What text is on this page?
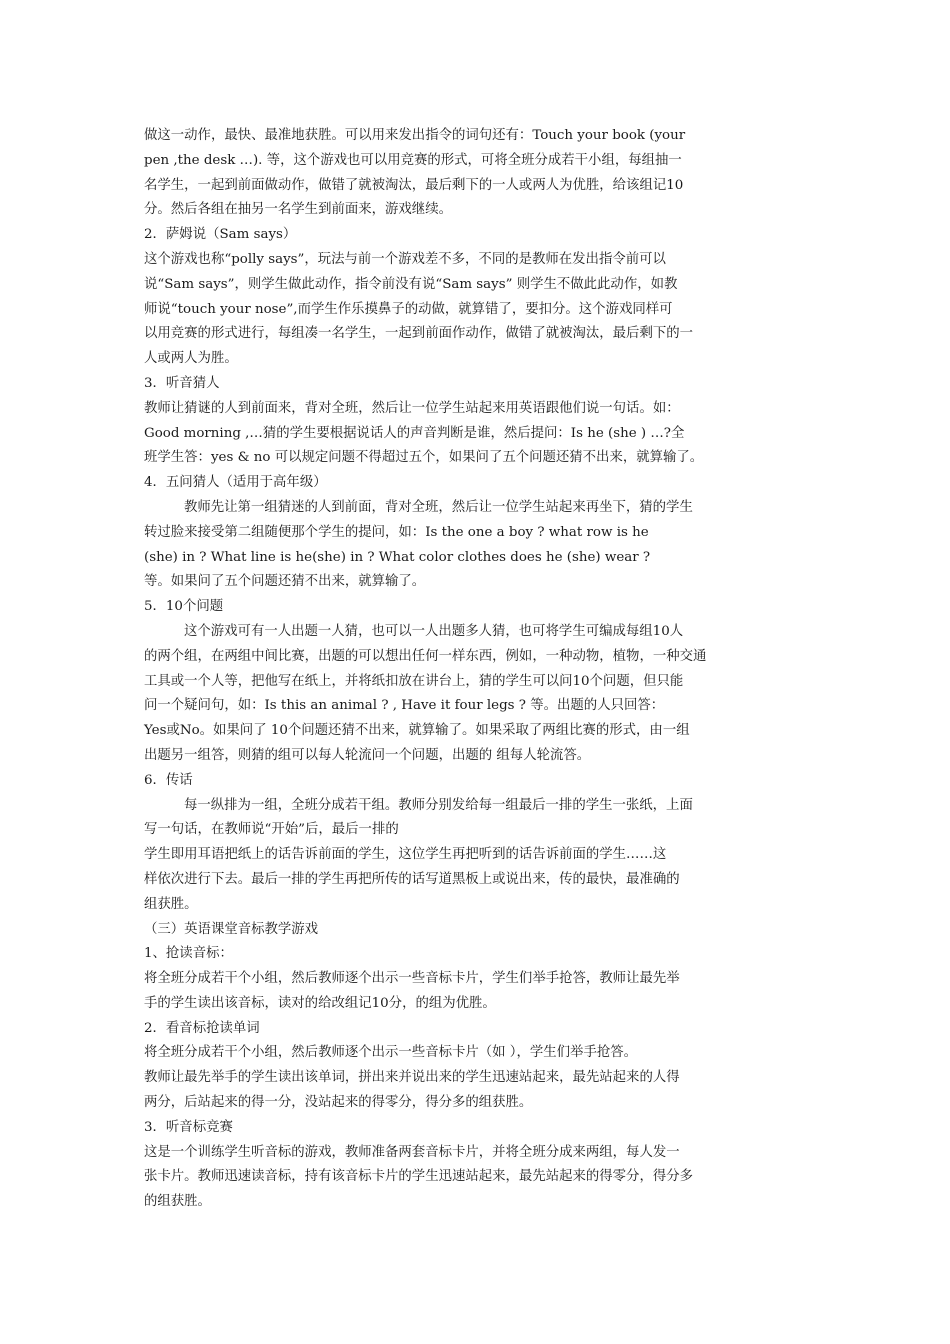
做这一动作，最快、最准地获胜。可以用来发出指令的词句还有：Touch your book (your

pen ,the desk …). 等，这个游戏也可以用竞赛的形式，可将全班分成若干小组，每组抽一

名学生，一起到前面做动作，做错了就被淘汰，最后剩下的一人或两人为优胜，给该组记10

分。然后各组在抽另一名学生到前面来，游戏继续。

2．萨姆说（Sam says）

这个游戏也称“polly says”，玩法与前一个游戏差不多，不同的是教师在发出指令前可以

说“Sam says”，则学生做此动作，指令前没有说“Sam says” 则学生不做此此动作，如教

师说“touch your nose”,而学生作乐摸鼻子的动做，就算错了，要扣分。这个游戏同样可

以用竞赛的形式进行，每组凑一名学生，一起到前面作动作，做错了就被淘汰，最后剩下的一

人或两人为胜。

3．听音猜人

教师让猜谜的人到前面来，背对全班，然后让一位学生站起来用英语跟他们说一句话。如：

Good morning ,…猜的学生要根据说话人的声音判断是谁，然后提问：Is he (she ) …?全

班学生答：yes & no 可以规定问题不得超过五个，如果问了五个问题还猜不出来，就算输了。

4．五问猜人（适用于高年级）

教师先让第一组猜迷的人到前面，背对全班，然后让一位学生站起来再坐下，猜的学生

转过脸来接受第二组随便那个学生的提问，如：Is the one a boy ? what row is he

(she) in ? What line is he(she) in ? What color clothes does he (she) wear ?

等。如果问了五个问题还猜不出来，就算输了。

5．10个问题

这个游戏可有一人出题一人猜，也可以一人出题多人猜，也可将学生可编成每组10人

的两个组，在两组中间比赛，出题的可以想出任何一样东西，例如，一种动物，植物，一种交通

工具或一个人等，把他写在纸上，并将纸扣放在讲台上，猜的学生可以问10个问题，但只能

问一个疑问句，如：Is this an animal ? , Have it four legs ? 等。出题的人只回答：

Yes或No。如果问了 10个问题还猜不出来，就算输了。如果采取了两组比赛的形式，由一组

出题另一组答，则猜的组可以每人轮流问一个问题，出题的 组每人轮流答。

6．传话

每一纵排为一组，全班分成若干组。教师分别发给每一组最后一排的学生一张纸，上面

写一句话，在教师说“开始”后，最后一排的

学生即用耳语把纸上的话告诉前面的学生，这位学生再把听到的话告诉前面的学生……这

样依次进行下去。最后一排的学生再把所传的话写道黑板上或说出来，传的最快，最准确的

组获胜。

（三）英语课堂音标教学游戏

1、抢读音标：

将全班分成若干个小组，然后教师逐个出示一些音标卡片，学生们举手抢答，教师让最先举

手的学生读出该音标，读对的给改组记10分，的组为优胜。

2．看音标抢读单词

将全班分成若干个小组，然后教师逐个出示一些音标卡片（如 ），学生们举手抢答。

教师让最先举手的学生读出该单词，拼出来并说出来的学生迅速站起来，最先站起来的人得

两分，后站起来的得一分，没站起来的得零分，得分多的组获胜。

3．听音标竞赛

这是一个训练学生听音标的游戏，教师准备两套音标卡片，并将全班分成来两组，每人发一

张卡片。教师迅速读音标，持有该音标卡片的学生迅速站起来，最先站起来的得零分，得分多

的组获胜。
